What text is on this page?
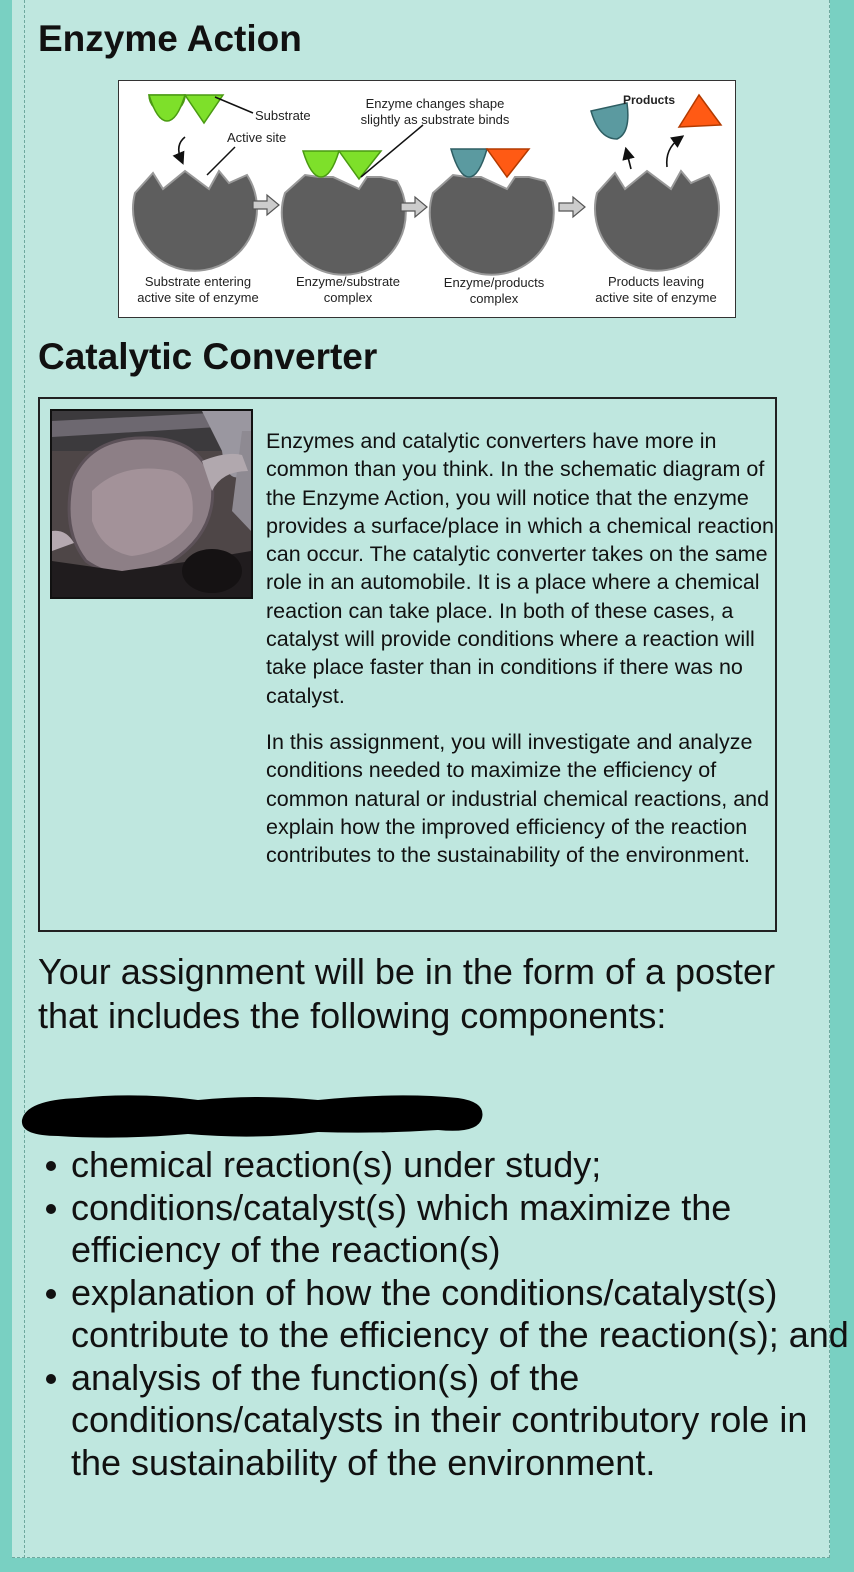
Enzyme Action
Substrate
Active site
Enzyme changes shape
slightly as substrate binds
Products
Substrate entering
active site of enzyme
Enzyme/substrate
complex
Enzyme/products
complex
Products leaving
active site of enzyme
Catalytic Converter

Enzymes and catalytic converters have more in common than you think. In the schematic diagram of the Enzyme Action, you will notice that the enzyme provides a surface/place in which a chemical reaction can occur. The catalytic converter takes on the same role in an automobile. It is a place where a chemical reaction can take place. In both of these cases, a catalyst will provide conditions where a reaction will take place faster than in conditions if there was no catalyst.

In this assignment, you will investigate and analyze conditions needed to maximize the efficiency of common natural or industrial chemical reactions, and explain how the improved efficiency of the reaction contributes to the sustainability of the environment.

Your assignment will be in the form of a poster that includes the following components:
chemical reaction(s) under study;
conditions/catalyst(s) which maximize the efficiency of the reaction(s)
explanation of how the conditions/catalyst(s) contribute to the efficiency of the reaction(s); and
analysis of the function(s) of the conditions/catalysts in their contributory role in the sustainability of the environment.
